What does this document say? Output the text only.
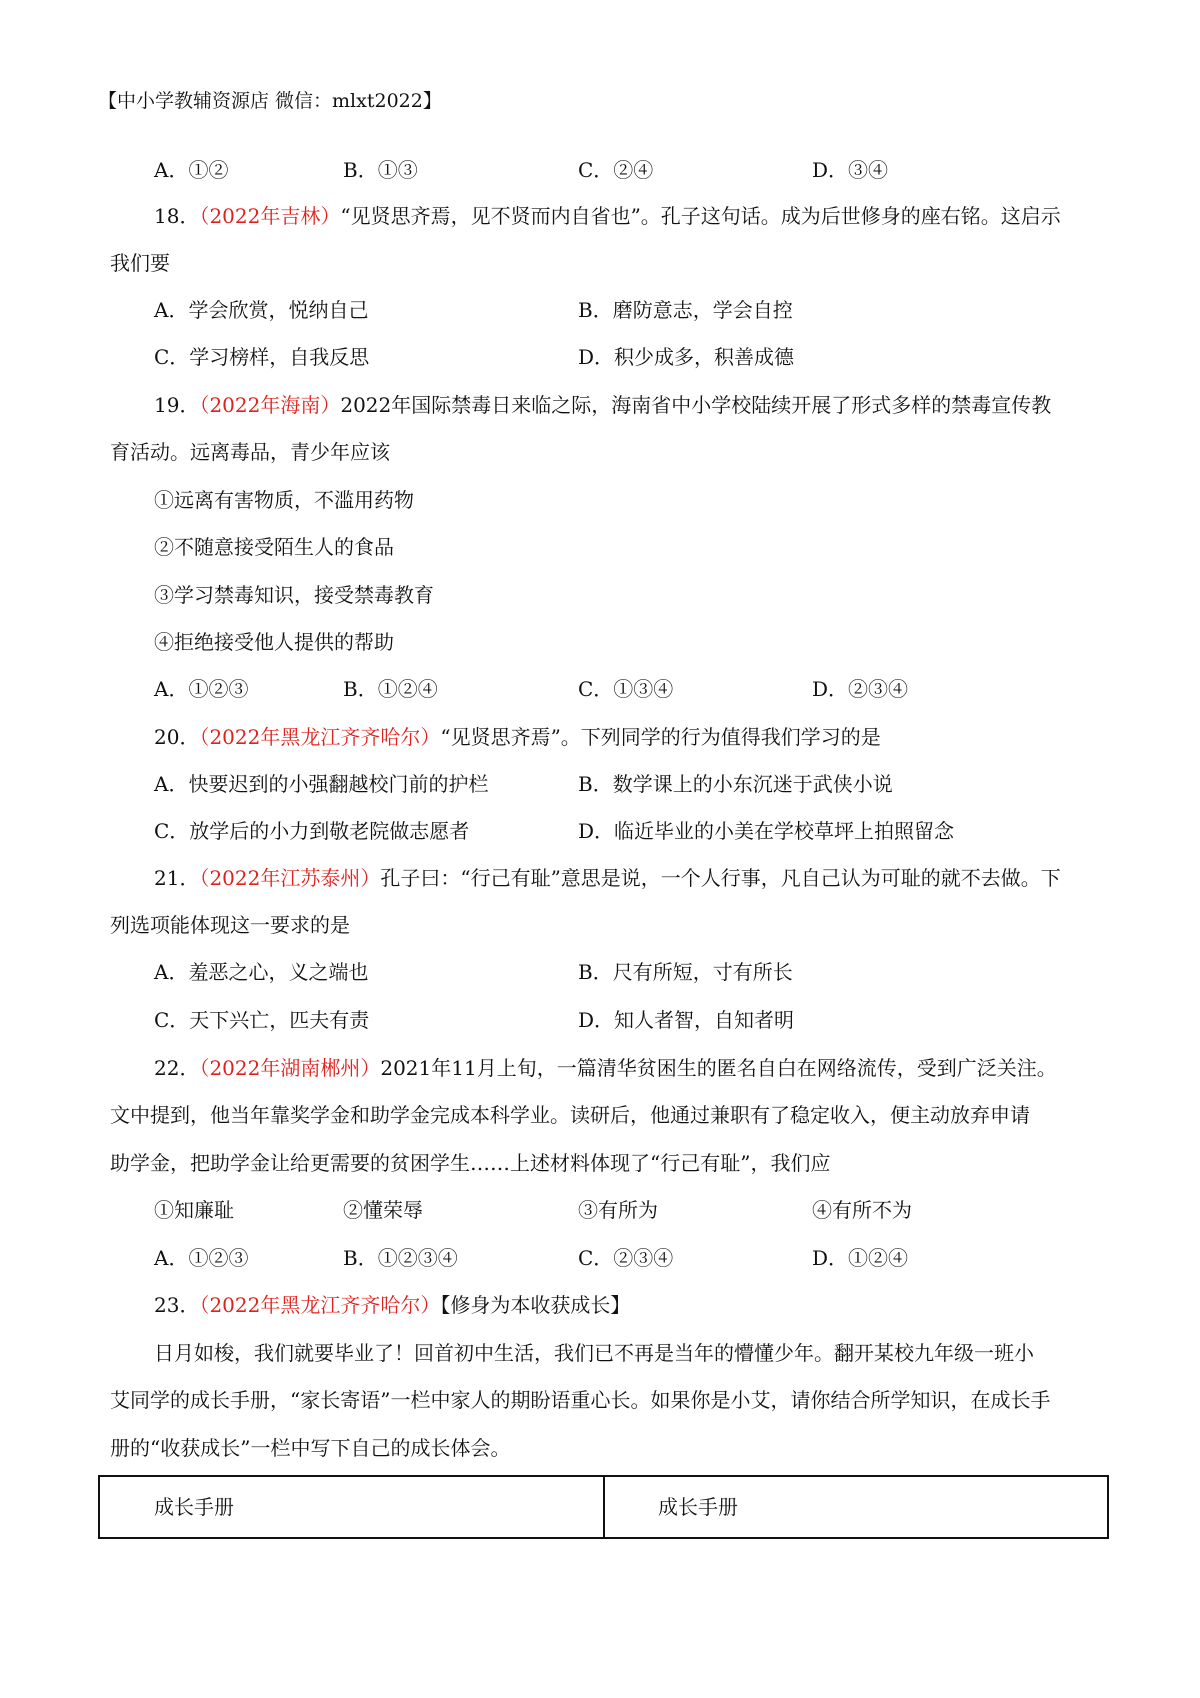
【中小学教辅资源店 微信：mlxt2022】
A．①②	B．①③	C．②④	D．③④
18．（2022年吉林）“见贤思齐焉，见不贤而内自省也”。孔子这句话。成为后世修身的座右铭。这启示
我们要
A．学会欣赏，悦纳自己	B．磨防意志，学会自控
C．学习榜样，自我反思	D．积少成多，积善成德
19．（2022年海南）2022年国际禁毒日来临之际，海南省中小学校陆续开展了形式多样的禁毒宣传教
育活动。远离毒品，青少年应该
①远离有害物质，不滥用药物
②不随意接受陌生人的食品
③学习禁毒知识，接受禁毒教育
④拒绝接受他人提供的帮助
A．①②③	B．①②④	C．①③④	D．②③④
20．（2022年黑龙江齐齐哈尔）“见贤思齐焉”。下列同学的行为值得我们学习的是
A．快要迟到的小强翻越校门前的护栏	B．数学课上的小东沉迷于武侠小说
C．放学后的小力到敬老院做志愿者	D．临近毕业的小美在学校草坪上拍照留念
21．（2022年江苏泰州）孔子曰：“行己有耻”意思是说，一个人行事，凡自己认为可耻的就不去做。下
列选项能体现这一要求的是
A．羞恶之心，义之端也	B．尺有所短，寸有所长
C．天下兴亡，匹夫有责	D．知人者智，自知者明
22．（2022年湖南郴州）2021年11月上旬，一篇清华贫困生的匿名自白在网络流传，受到广泛关注。
文中提到，他当年靠奖学金和助学金完成本科学业。读研后，他通过兼职有了稳定收入，便主动放弃申请
助学金，把助学金让给更需要的贫困学生……上述材料体现了“行己有耻”，我们应
①知廉耻	②懂荣辱	③有所为	④有所不为
A．①②③	B．①②③④	C．②③④	D．①②④
23．（2022年黑龙江齐齐哈尔）【修身为本收获成长】
日月如梭，我们就要毕业了！回首初中生活，我们已不再是当年的懵懂少年。翻开某校九年级一班小
艾同学的成长手册，“家长寄语”一栏中家人的期盼语重心长。如果你是小艾，请你结合所学知识，在成长手
册的“收获成长”一栏中写下自己的成长体会。
成长手册	成长手册
